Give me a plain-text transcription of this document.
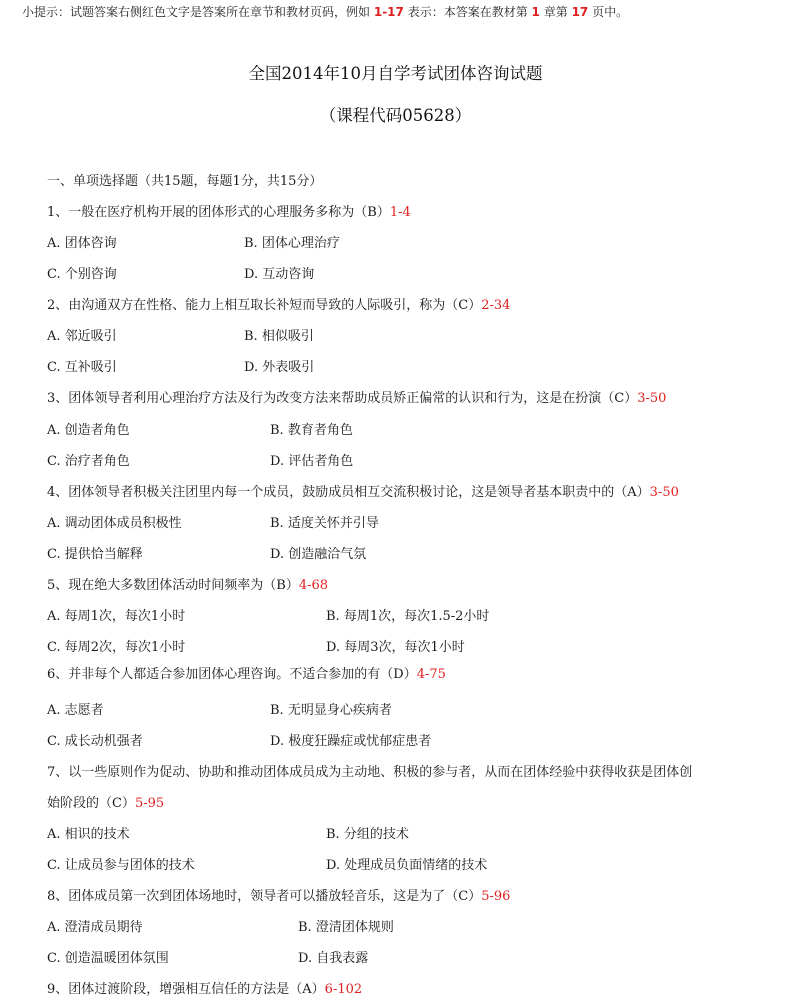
小提示：试题答案右侧红色文字是答案所在章节和教材页码，例如 1-17 表示：本答案在教材第 1 章第 17 页中。
全国2014年10月自学考试团体咨询试题
（课程代码05628）
一、单项选择题（共15题，每题1分，共15分）
1、一般在医疗机构开展的团体形式的心理服务多称为（B）1-4
A. 团体咨询	B. 团体心理治疗
C. 个别咨询	D. 互动咨询
2、由沟通双方在性格、能力上相互取长补短而导致的人际吸引，称为（C）2-34
A. 邻近吸引	B. 相似吸引
C. 互补吸引	D. 外表吸引
3、团体领导者利用心理治疗方法及行为改变方法来帮助成员矫正偏常的认识和行为，这是在扮演（C）3-50
A. 创造者角色	B. 教育者角色
C. 治疗者角色	D. 评估者角色
4、团体领导者积极关注团里内每一个成员，鼓励成员相互交流积极讨论，这是领导者基本职责中的（A）3-50
A. 调动团体成员积极性	B. 适度关怀并引导
C. 提供恰当解释	D. 创造融洽气氛
5、现在绝大多数团体活动时间频率为（B）4-68
A. 每周1次，每次1小时	B. 每周1次，每次1.5-2小时
C. 每周2次，每次1小时	D. 每周3次，每次1小时
6、并非每个人都适合参加团体心理咨询。不适合参加的有（D）4-75
A. 志愿者	B. 无明显身心疾病者
C. 成长动机强者	D. 极度狂躁症或忧郁症患者
7、以一些原则作为促动、协助和推动团体成员成为主动地、积极的参与者，从而在团体经验中获得收获是团体创
始阶段的（C）5-95
A. 相识的技术	B. 分组的技术
C. 让成员参与团体的技术	D. 处理成员负面情绪的技术
8、团体成员第一次到团体场地时，领导者可以播放轻音乐，这是为了（C）5-96
A. 澄清成员期待	B. 澄清团体规则
C. 创造温暖团体氛围	D. 自我表露
9、团体过渡阶段，增强相互信任的方法是（A）6-102
